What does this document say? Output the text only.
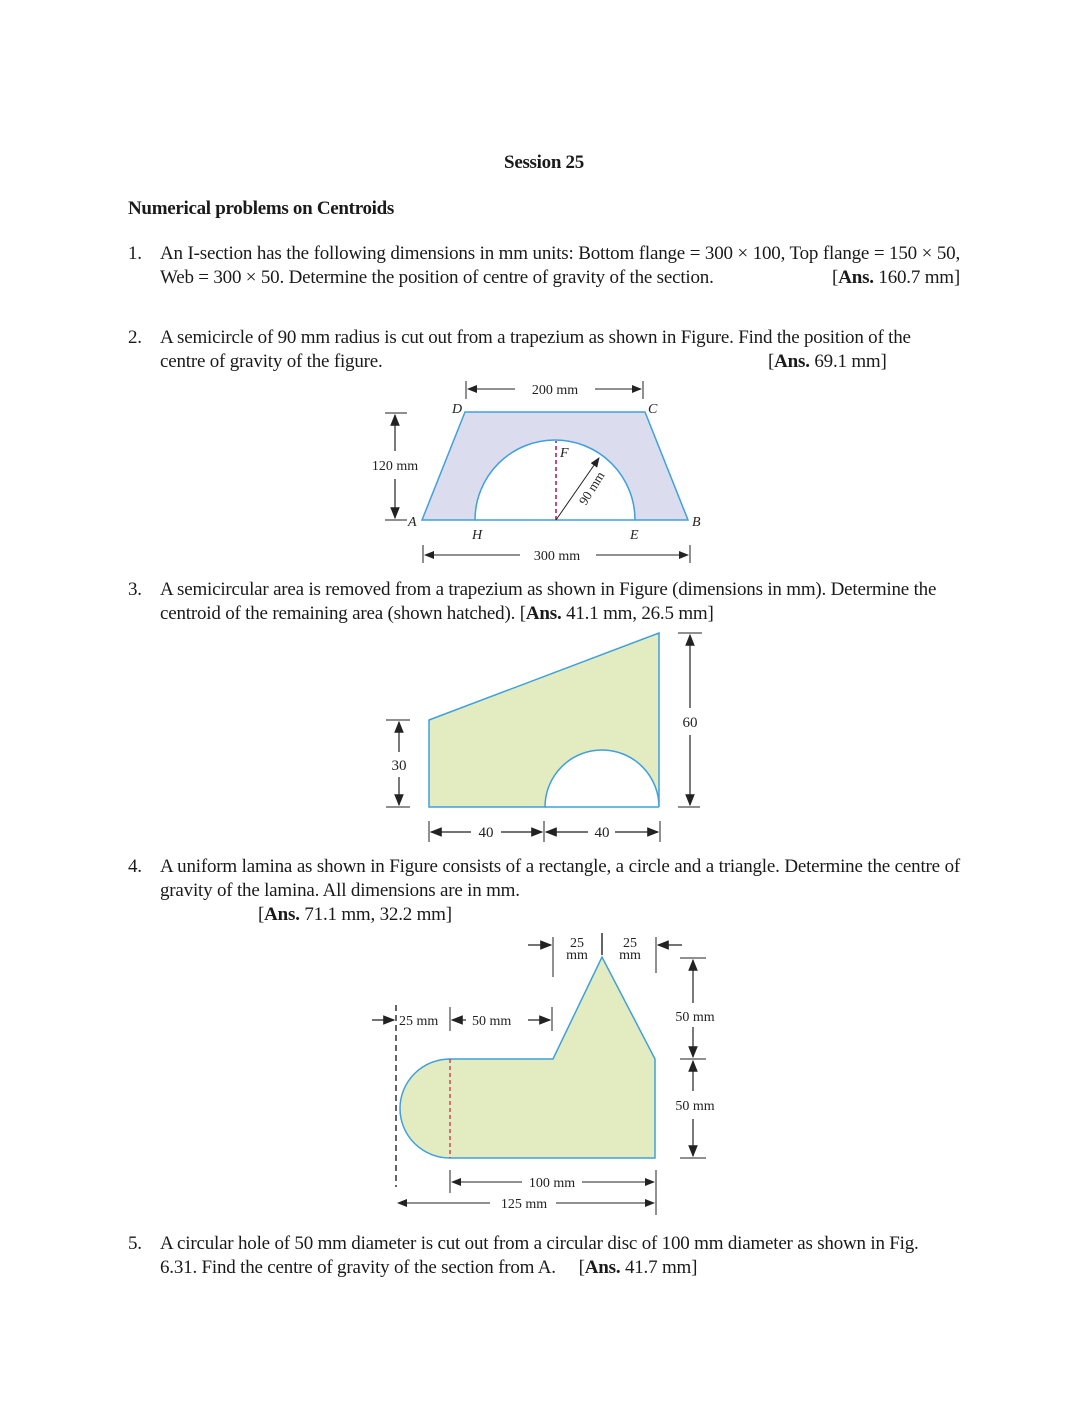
Session 25
Numerical problems on Centroids
1. An I-section has the following dimensions in mm units: Bottom flange = 300 × 100, Top flange = 150 × 50, Web = 300 × 50. Determine the position of centre of gravity of the section.	[Ans. 160.7 mm]
2. A semicircle of 90 mm radius is cut out from a trapezium as shown in Figure. Find the position of the centre of gravity of the figure.	[Ans. 69.1 mm]
90 mm
200 mm
120 mm
300 mm
D	C
A	B
H	E
F
3. A semicircular area is removed from a trapezium as shown in Figure (dimensions in mm). Determine the centroid of the remaining area (shown hatched). [Ans. 41.1 mm, 26.5 mm]
30
60
40	40
4. A uniform lamina as shown in Figure consists of a rectangle, a circle and a triangle. Determine the centre of gravity of the lamina. All dimensions are in mm.
[Ans. 71.1 mm, 32.2 mm]
25
mm
25
mm
25 mm 50 mm	50 mm
50 mm
100 mm
125 mm
5. A circular hole of 50 mm diameter is cut out from a circular disc of 100 mm diameter as shown in Fig. 6.31. Find the centre of gravity of the section from A. [Ans. 41.7 mm]
